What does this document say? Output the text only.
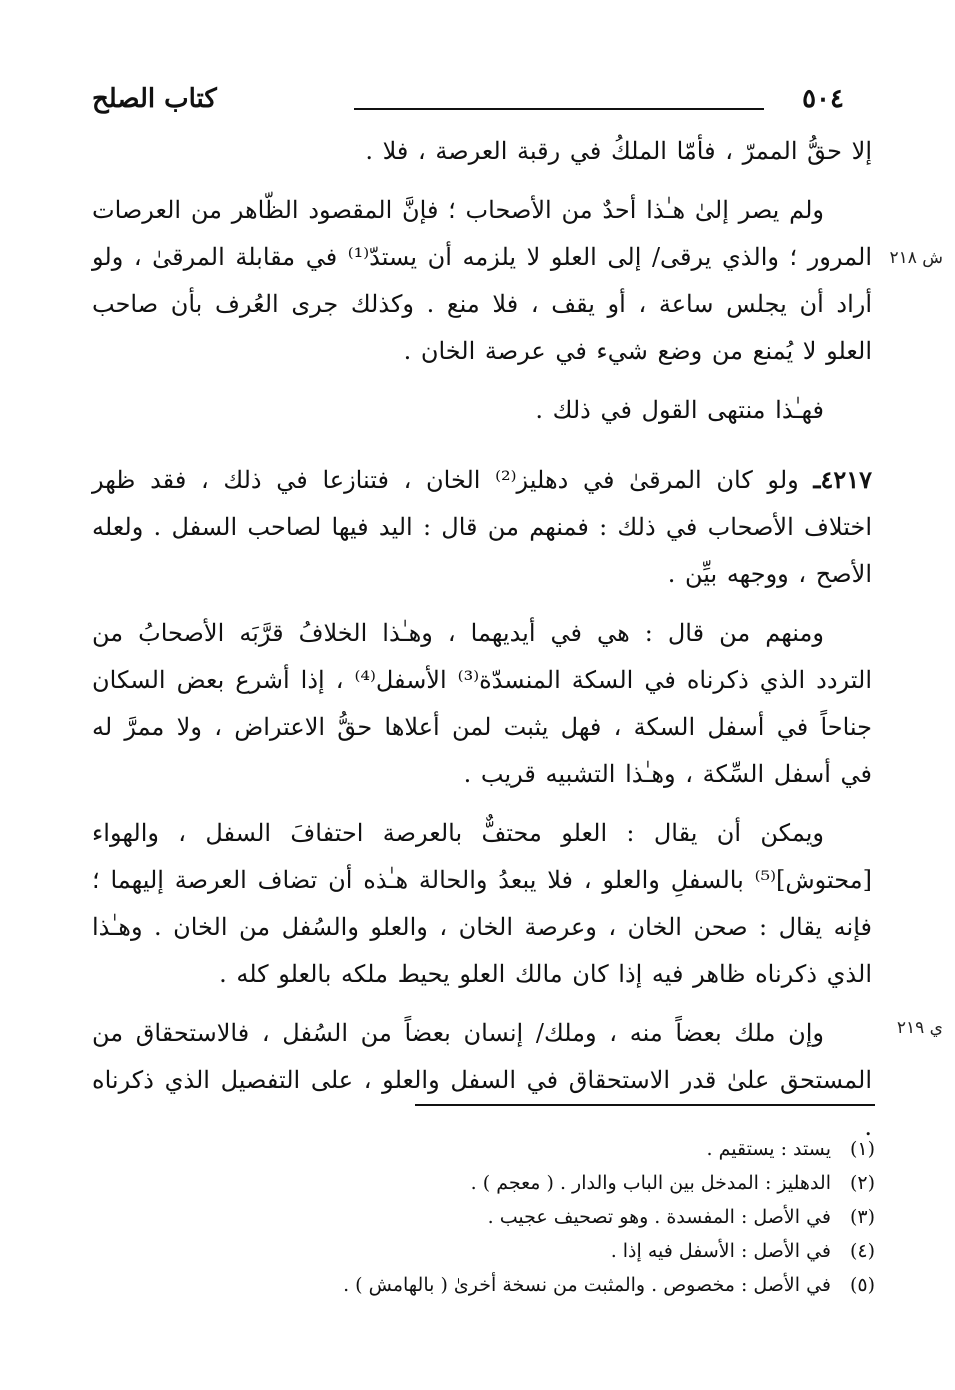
٥٠٤
كتاب الصلح
ش ٢١٨
ي ٢١٩

إلا حقُّ الممرّ ، فأمّا الملكُ في رقبة العرصة ، فلا .

ولم يصر إلىٰ هـٰذا أحدٌ من الأصحاب ؛ فإنَّ المقصود الظّاهر من العرصات المرور ؛ والذي يرقى/ إلى العلو لا يلزمه أن يستدّ⁽¹⁾ في مقابلة المرقىٰ ، ولو أراد أن يجلس ساعة ، أو يقف ، فلا منع . وكذلك جرى العُرف بأن صاحب العلو لا يُمنع من وضع شيء في عرصة الخان .

فهـٰذا منتهى القول في ذلك .

٤٢١٧ـ ولو كان المرقىٰ في دهليز⁽²⁾ الخان ، فتنازعا في ذلك ، فقد ظهر اختلاف الأصحاب في ذلك : فمنهم من قال : اليد فيها لصاحب السفل . ولعله الأصح ، ووجهه بيِّن .

ومنهم من قال : هي في أيديهما ، وهـٰذا الخلافُ قرَّبَه الأصحابُ من التردد الذي ذكرناه في السكة المنسدّة⁽³⁾ الأسفل⁽⁴⁾ ، إذا أشرع بعض السكان جناحاً في أسفل السكة ، فهل يثبت لمن أعلاها حقُّ الاعتراض ، ولا ممرَّ له في أسفل السِّكة ، وهـٰذا التشبيه قريب .

ويمكن أن يقال : العلو محتفٌّ بالعرصة احتفافَ السفل ، والهواء [محتوش]⁽⁵⁾ بالسفلِ والعلو ، فلا يبعدُ والحالة هـٰذه أن تضاف العرصة إليهما ؛ فإنه يقال : صحن الخان ، وعرصة الخان ، والعلو والسُفل من الخان . وهـٰذا الذي ذكرناه ظاهر فيه إذا كان مالك العلو يحيط ملكه بالعلو كله .

وإن ملك بعضاً منه ، وملك/ إنسان بعضاً من السُفل ، فالاستحقاق من المستحق علىٰ قدر الاستحقاق في السفل والعلو ، على التفصيل الذي ذكرناه .

(١)يستد : يستقيم .
(٢)الدهليز : المدخل بين الباب والدار . ( معجم ) .
(٣)في الأصل : المفسدة . وهو تصحيف عجيب .
(٤)في الأصل : الأسفل فيه إذا .
(٥)في الأصل : مخصوص . والمثبت من نسخة أخرىٰ ( بالهامش ) .
